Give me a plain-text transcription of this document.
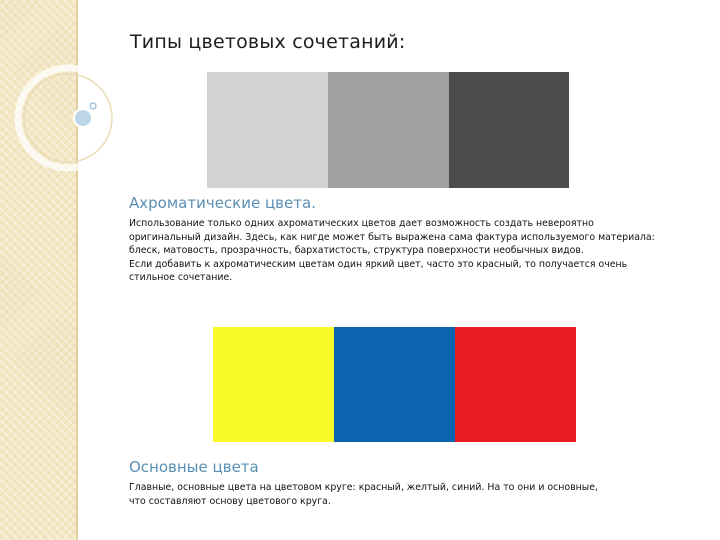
Типы цветовых сочетаний:
Ахроматические цвета.
Использование только одних ахроматических цветов дает возможность создать невероятно
оригинальный дизайн. Здесь, как нигде может быть выражена сама фактура используемого материала:
блеск, матовость, прозрачность, бархатистость, структура поверхности необычных видов.
Если добавить к ахроматическим цветам один яркий цвет, часто это красный, то получается очень
стильное сочетание.
Основные цвета
Главные, основные цвета на цветовом круге: красный, желтый, синий. На то они и основные,
что составляют основу цветового круга.
